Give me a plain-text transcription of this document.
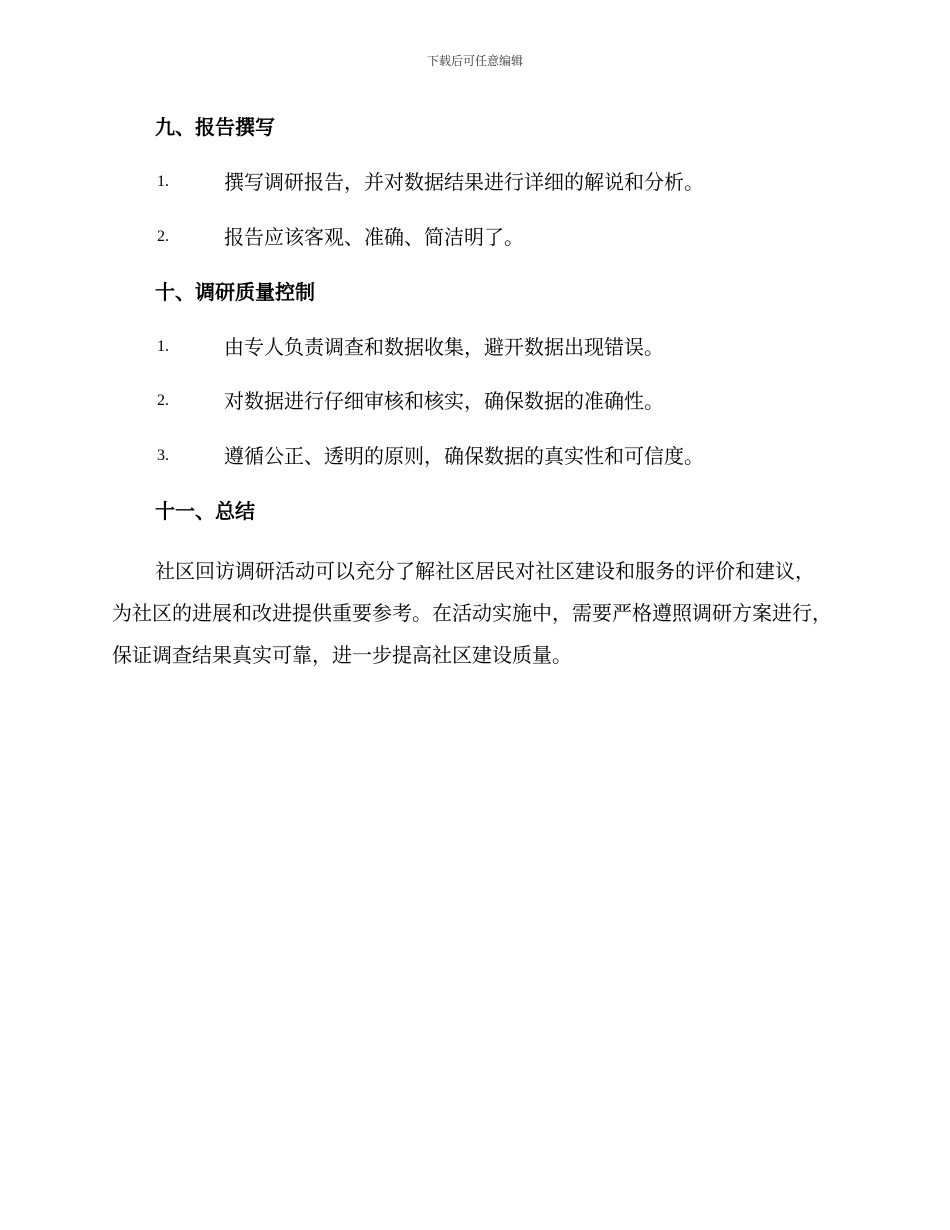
下载后可任意编辑
九、报告撰写
1.	撰写调研报告，并对数据结果进行详细的解说和分析。
2.	报告应该客观、准确、简洁明了。
十、调研质量控制
1.	由专人负责调查和数据收集，避开数据出现错误。
2.	对数据进行仔细审核和核实，确保数据的准确性。
3.	遵循公正、透明的原则，确保数据的真实性和可信度。
十一、总结

社区回访调研活动可以充分了解社区居民对社区建设和服务的评价和建议，为社区的进展和改进提供重要参考。在活动实施中，需要严格遵照调研方案进行，保证调查结果真实可靠，进一步提高社区建设质量。
